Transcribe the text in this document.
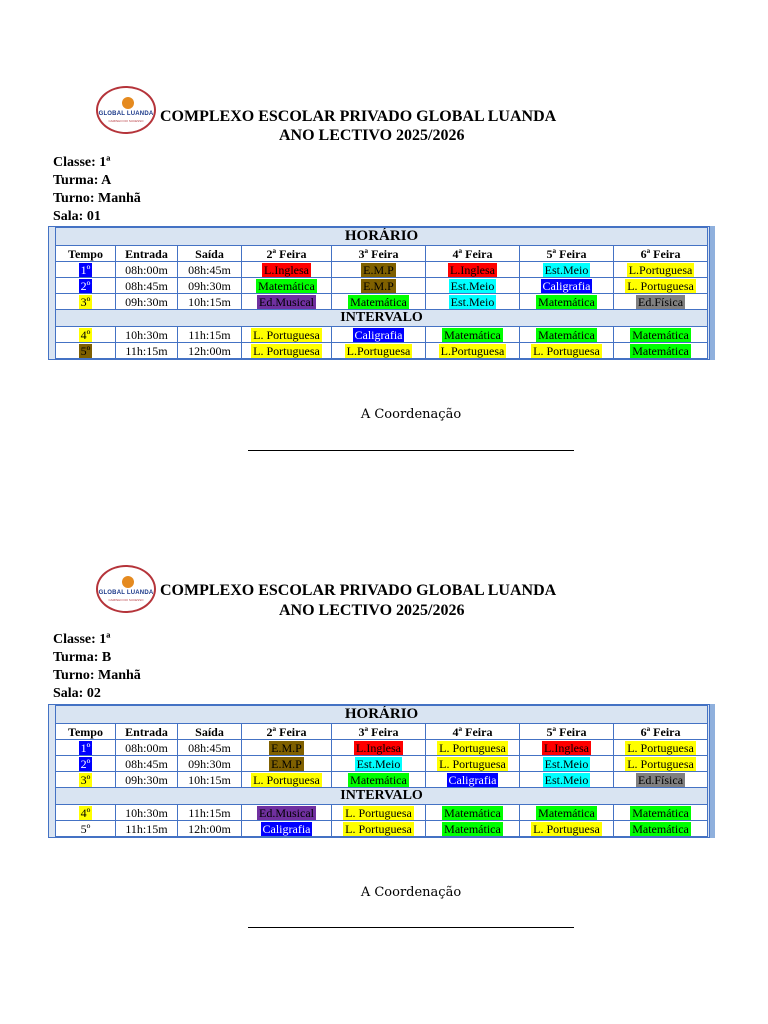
GLOBAL LUANDA
CAMINHO DO SUCESSO	COMPLEXO ESCOLAR PRIVADO GLOBAL LUANDA
ANO LECTIVO 2025/2026
Classe: 1ª
Turma: A
Turno: Manhã
Sala: 01
HORÁRIO							
Tempo	Entrada	Saída	2ª Feira	3ª Feira	4ª Feira	5ª Feira	6ª Feira
1º	08h:00m	08h:45m	L.Inglesa	E.M.P	L.Inglesa	Est.Meio	L.Portuguesa
2º	08h:45m	09h:30m	Matemática	E.M.P	Est.Meio	Caligrafia	L. Portuguesa
3º	09h:30m	10h:15m	Ed.Musical	Matemática	Est.Meio	Matemática	Ed.Física
INTERVALO							
4º	10h:30m	11h:15m	L. Portuguesa	Caligrafia	Matemática	Matemática	Matemática
5º	11h:15m	12h:00m	L. Portuguesa	L.Portuguesa	L.Portuguesa	L. Portuguesa	Matemática
A Coordenação
GLOBAL LUANDA
CAMINHO DO SUCESSO
COMPLEXO ESCOLAR PRIVADO GLOBAL LUANDA
ANO LECTIVO 2025/2026
Classe: 1ª
Turma: B
Turno: Manhã
Sala: 02
HORÁRIO							
Tempo	Entrada	Saída	2ª Feira	3ª Feira	4ª Feira	5ª Feira	6ª Feira
1º	08h:00m	08h:45m	E.M.P	L.Inglesa	L. Portuguesa	L.Inglesa	L. Portuguesa
2º	08h:45m	09h:30m	E.M.P	Est.Meio	L. Portuguesa	Est.Meio	L. Portuguesa
3º	09h:30m	10h:15m	L. Portuguesa	Matemática	Caligrafia	Est.Meio	Ed.Física
INTERVALO							
4º	10h:30m	11h:15m	Ed.Musical	L. Portuguesa	Matemática	Matemática	Matemática
5º	11h:15m	12h:00m	Caligrafia	L. Portuguesa	Matemática	L. Portuguesa	Matemática
A Coordenação
